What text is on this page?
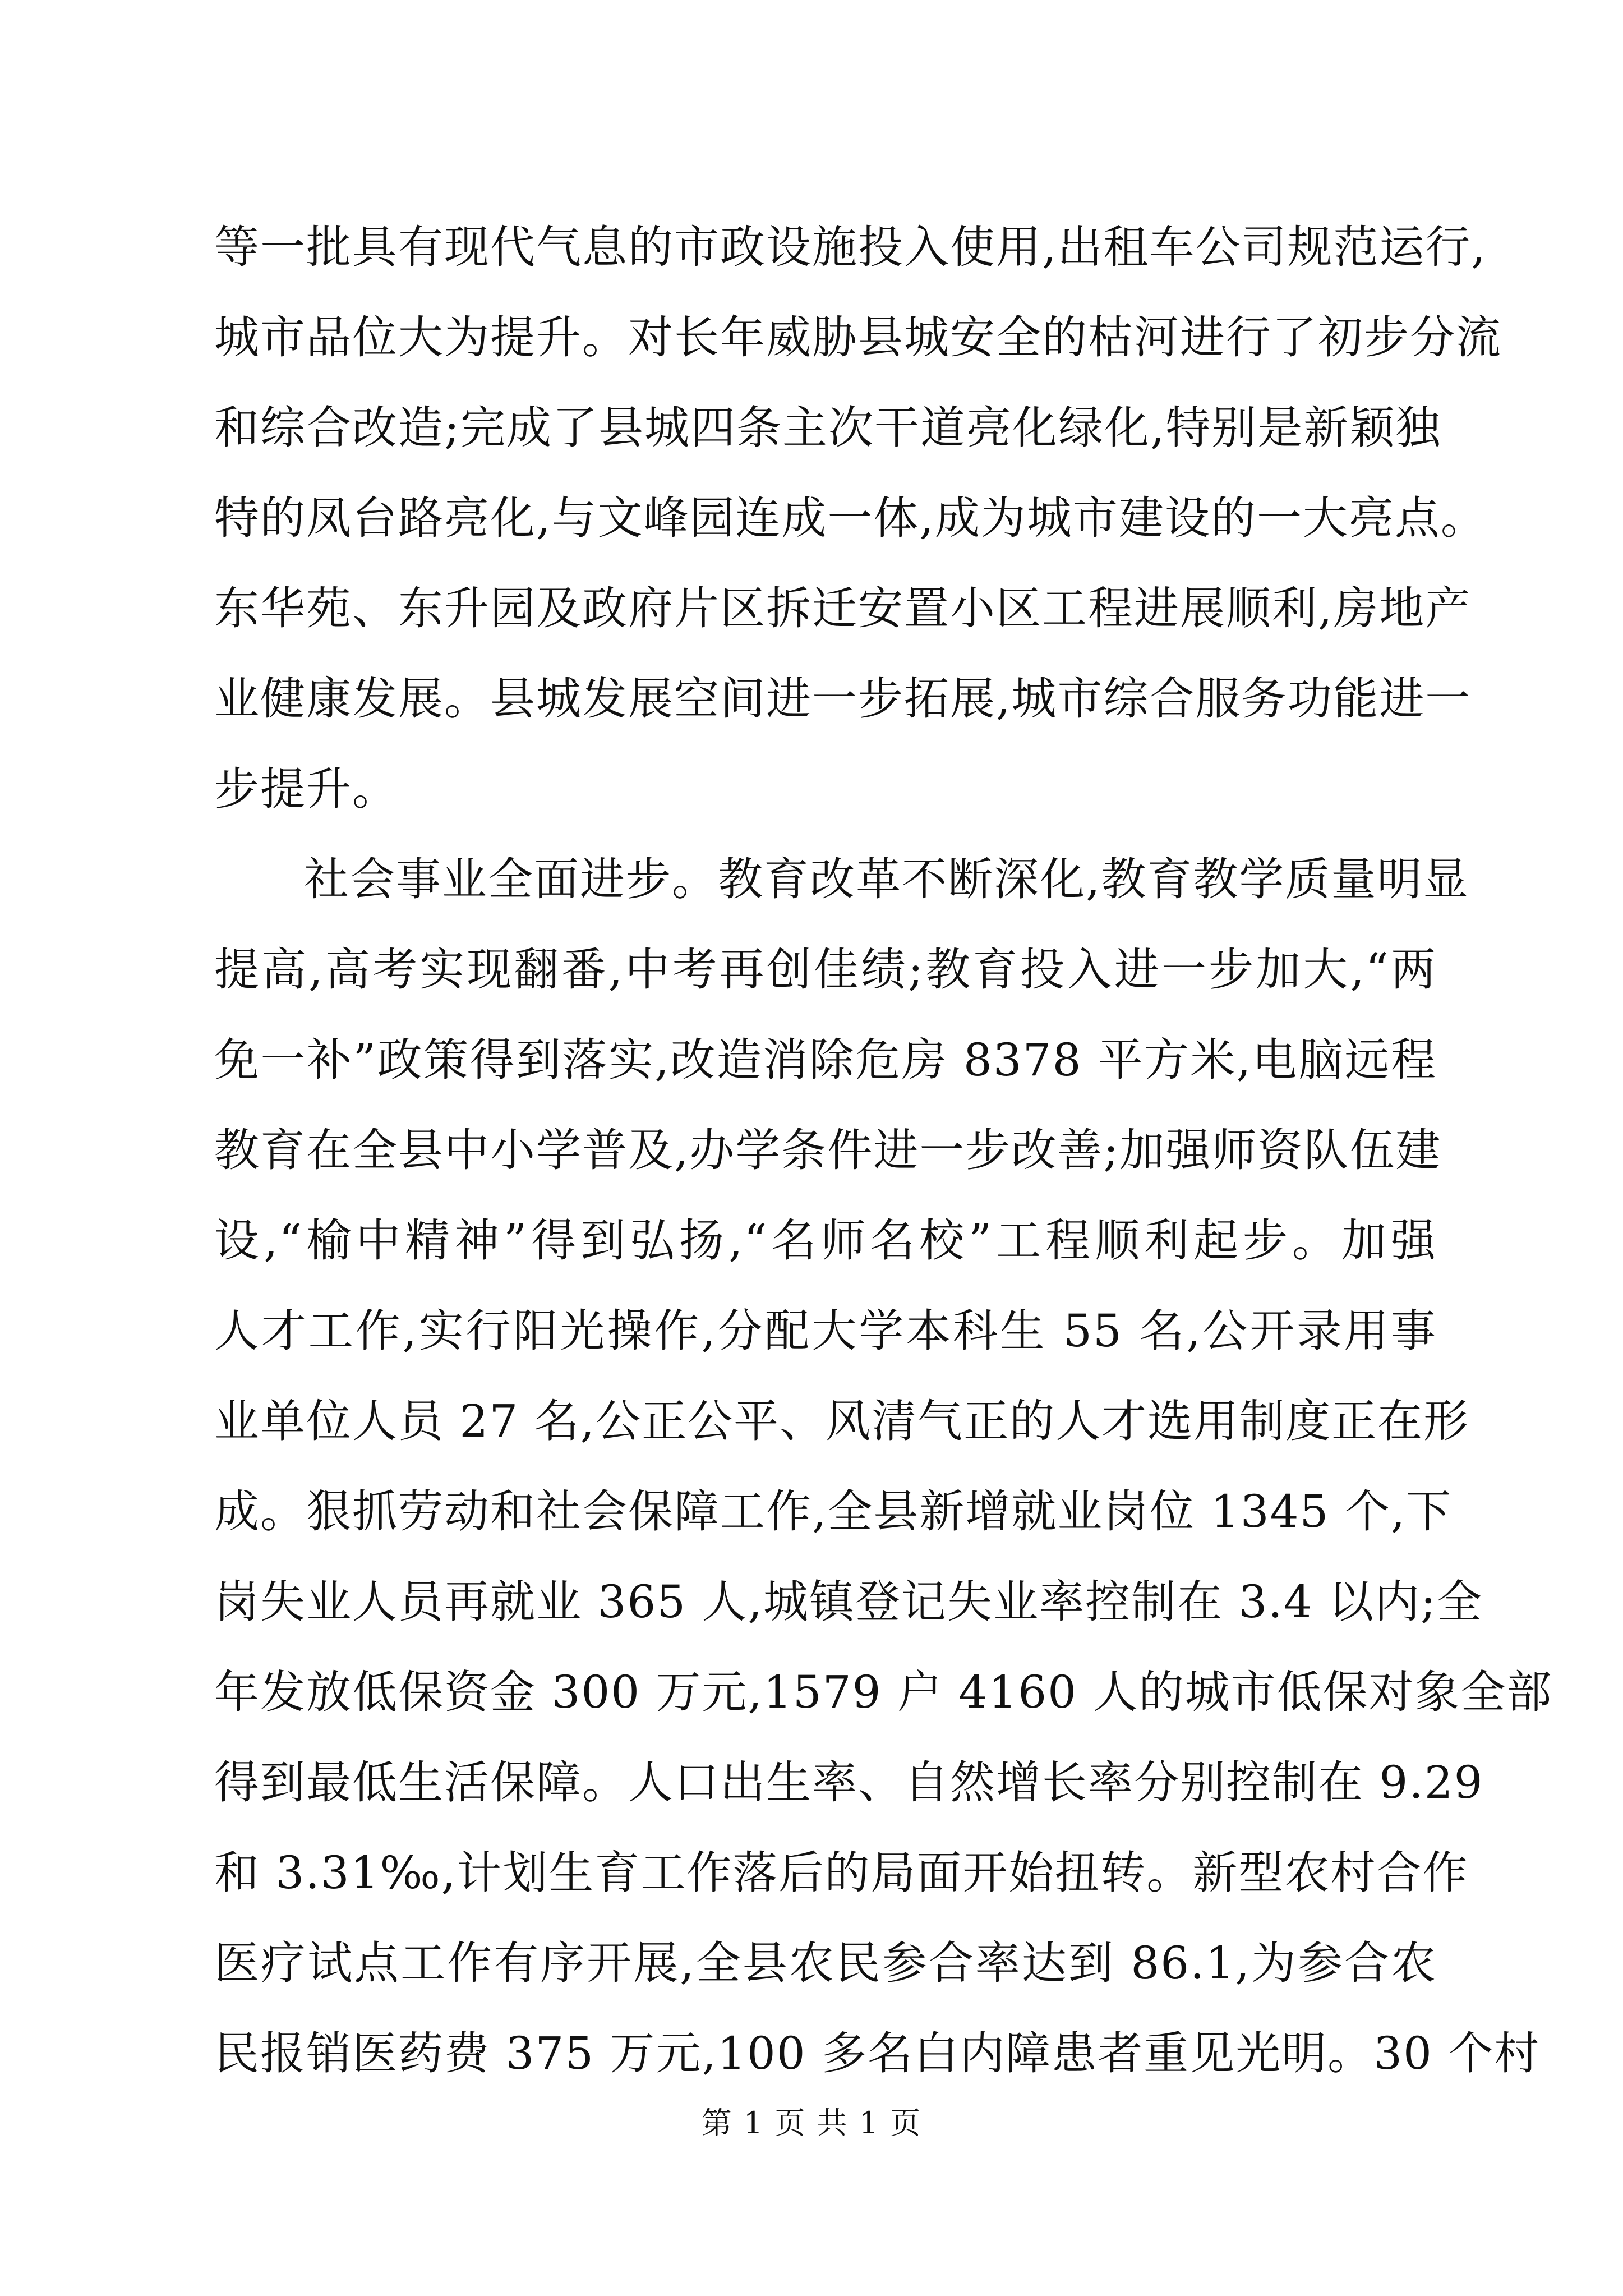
等一批具有现代气息的市政设施投入使用,出租车公司规范运行,
城市品位大为提升。对长年威胁县城安全的枯河进行了初步分流
和综合改造;完成了县城四条主次干道亮化绿化,特别是新颖独
特的凤台路亮化,与文峰园连成一体,成为城市建设的一大亮点。
东华苑、东升园及政府片区拆迁安置小区工程进展顺利,房地产
业健康发展。县城发展空间进一步拓展,城市综合服务功能进一
步提升。
社会事业全面进步。教育改革不断深化,教育教学质量明显
提高,高考实现翻番,中考再创佳绩;教育投入进一步加大,“两
免一补”政策得到落实,改造消除危房 8378 平方米,电脑远程
教育在全县中小学普及,办学条件进一步改善;加强师资队伍建
设,“榆中精神”得到弘扬,“名师名校”工程顺利起步。加强
人才工作,实行阳光操作,分配大学本科生 55 名,公开录用事
业单位人员 27 名,公正公平、风清气正的人才选用制度正在形
成。狠抓劳动和社会保障工作,全县新增就业岗位 1345 个,下
岗失业人员再就业 365 人,城镇登记失业率控制在 3.4 以内;全
年发放低保资金 300 万元,1579 户 4160 人的城市低保对象全部
得到最低生活保障。人口出生率、自然增长率分别控制在 9.29
和 3.31‰,计划生育工作落后的局面开始扭转。新型农村合作
医疗试点工作有序开展,全县农民参合率达到 86.1,为参合农
民报销医药费 375 万元,100 多名白内障患者重见光明。30 个村
第 1 页 共 1 页
